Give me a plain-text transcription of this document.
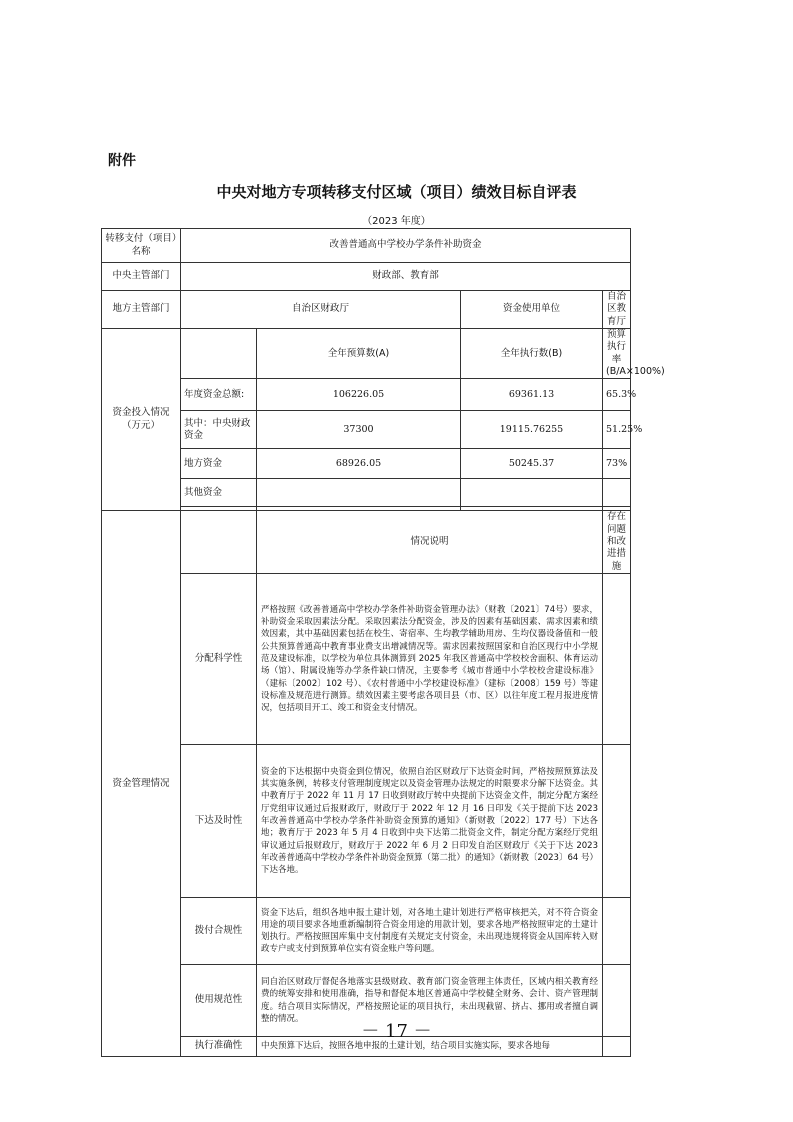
附件
中央对地方专项转移支付区域（项目）绩效目标自评表
（2023 年度）
转移支付（项目）名称	改善普通高中学校办学条件补助资金			
中央主管部门	财政部、教育部			
地方主管部门	自治区财政厅		资金使用单位	自治区教育厅
资金投入情况（万元）		全年预算数(A)	全年执行数(B)	预算执行率(B/A×100%)
	年度资金总额:	106226.05	69361.13	65.3%
	其中：中央财政资金	37300	19115.76255	51.25%
	地方资金	68926.05	50245.37	73%
	其他资金			

资金管理情况		情况说明		存在问题和改进措施
	分配科学性	严格按照《改善普通高中学校办学条件补助资金管理办法》（财教〔2021〕74号）要求，补助资金采取因素法分配。采取因素法分配资金，涉及的因素有基础因素、需求因素和绩效因素，其中基础因素包括在校生、寄宿率、生均教学辅助用房、生均仪器设备值和一般公共预算普通高中教育事业费支出增减情况等。需求因素按照国家和自治区现行中小学规范及建设标准，以学校为单位具体测算到 2025 年我区普通高中学校校舍面积、体育运动场（馆）、附属设施等办学条件缺口情况，主要参考《城市普通中小学校校舍建设标准》（建标〔2002〕102 号）、《农村普通中小学校建设标准》（建标〔2008〕159 号）等建设标准及规范进行测算。绩效因素主要考虑各项目县（市、区）以往年度工程月报进度情况，包括项目开工、竣工和资金支付情况。		
	下达及时性	资金的下达根据中央资金到位情况，依照自治区财政厅下达资金时间，严格按照预算法及其实施条例，转移支付管理制度规定以及资金管理办法规定的时限要求分解下达资金。其中教育厅于 2022 年 11 月 17 日收到财政厅转中央提前下达资金文件，制定分配方案经厅党组审议通过后报财政厅，财政厅于 2022 年 12 月 16 日印发《关于提前下达 2023 年改善普通高中学校办学条件补助资金预算的通知》（新财教〔2022〕177 号）下达各地；教育厅于 2023 年 5 月 4 日收到中央下达第二批资金文件，制定分配方案经厅党组审议通过后报财政厅，财政厅于 2022 年 6 月 2 日印发自治区财政厅《关于下达 2023 年改善普通高中学校办学条件补助资金预算（第二批）的通知》（新财教〔2023〕64 号）下达各地。		
	拨付合规性	资金下达后，组织各地申报土建计划，对各地土建计划进行严格审核把关，对不符合资金用途的项目要求各地重新编制符合资金用途的用款计划，要求各地严格按照审定的土建计划执行。严格按照国库集中支付制度有关规定支付资金，未出现违规将资金从国库转入财政专户或支付到预算单位实有资金账户等问题。		
	使用规范性	同自治区财政厅督促各地落实县级财政、教育部门资金管理主体责任，区域内相关教育经费的统筹安排和使用准确，指导和督促本地区普通高中学校健全财务、会计、资产管理制度。结合项目实际情况，严格按照论证的项目执行，未出现截留、挤占、挪用或者擅自调整的情况。		
	执行准确性	中央预算下达后，按照各地申报的土建计划，结合项目实施实际，要求各地每		
－ 17 －
